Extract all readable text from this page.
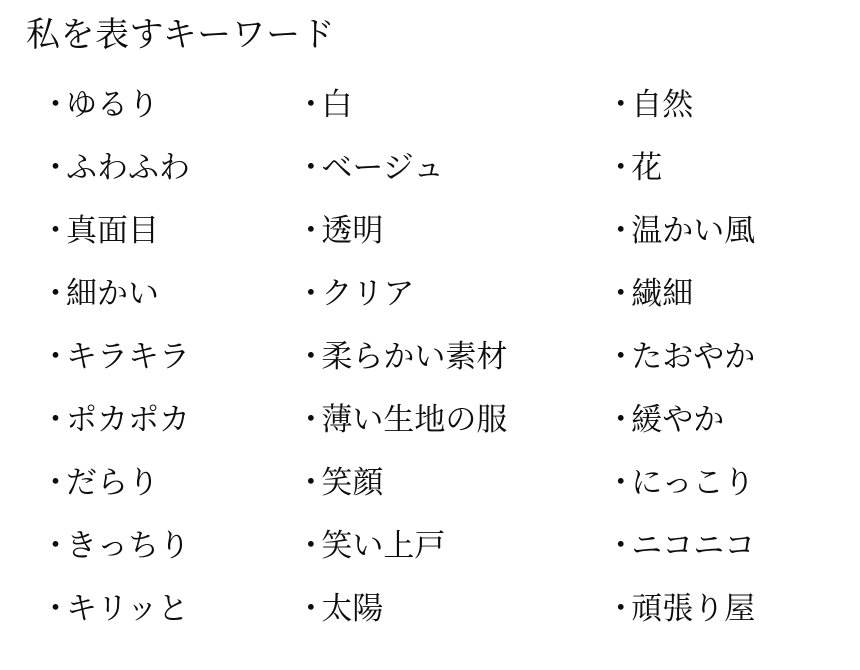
私を表すキーワード
・
ゆるり
・
ふわふわ
・
真面目
・
細かい
・
キラキラ
・
ポカポカ
・
だらり
・
きっちり
・
キリッと
・
白
・
ベージュ
・
透明
・
クリア
・
柔らかい素材
・
薄い生地の服
・
笑顔
・
笑い上戸
・
太陽
・
自然
・
花
・
温かい風
・
繊細
・
たおやか
・
緩やか
・
にっこり
・
ニコニコ
・
頑張り屋
